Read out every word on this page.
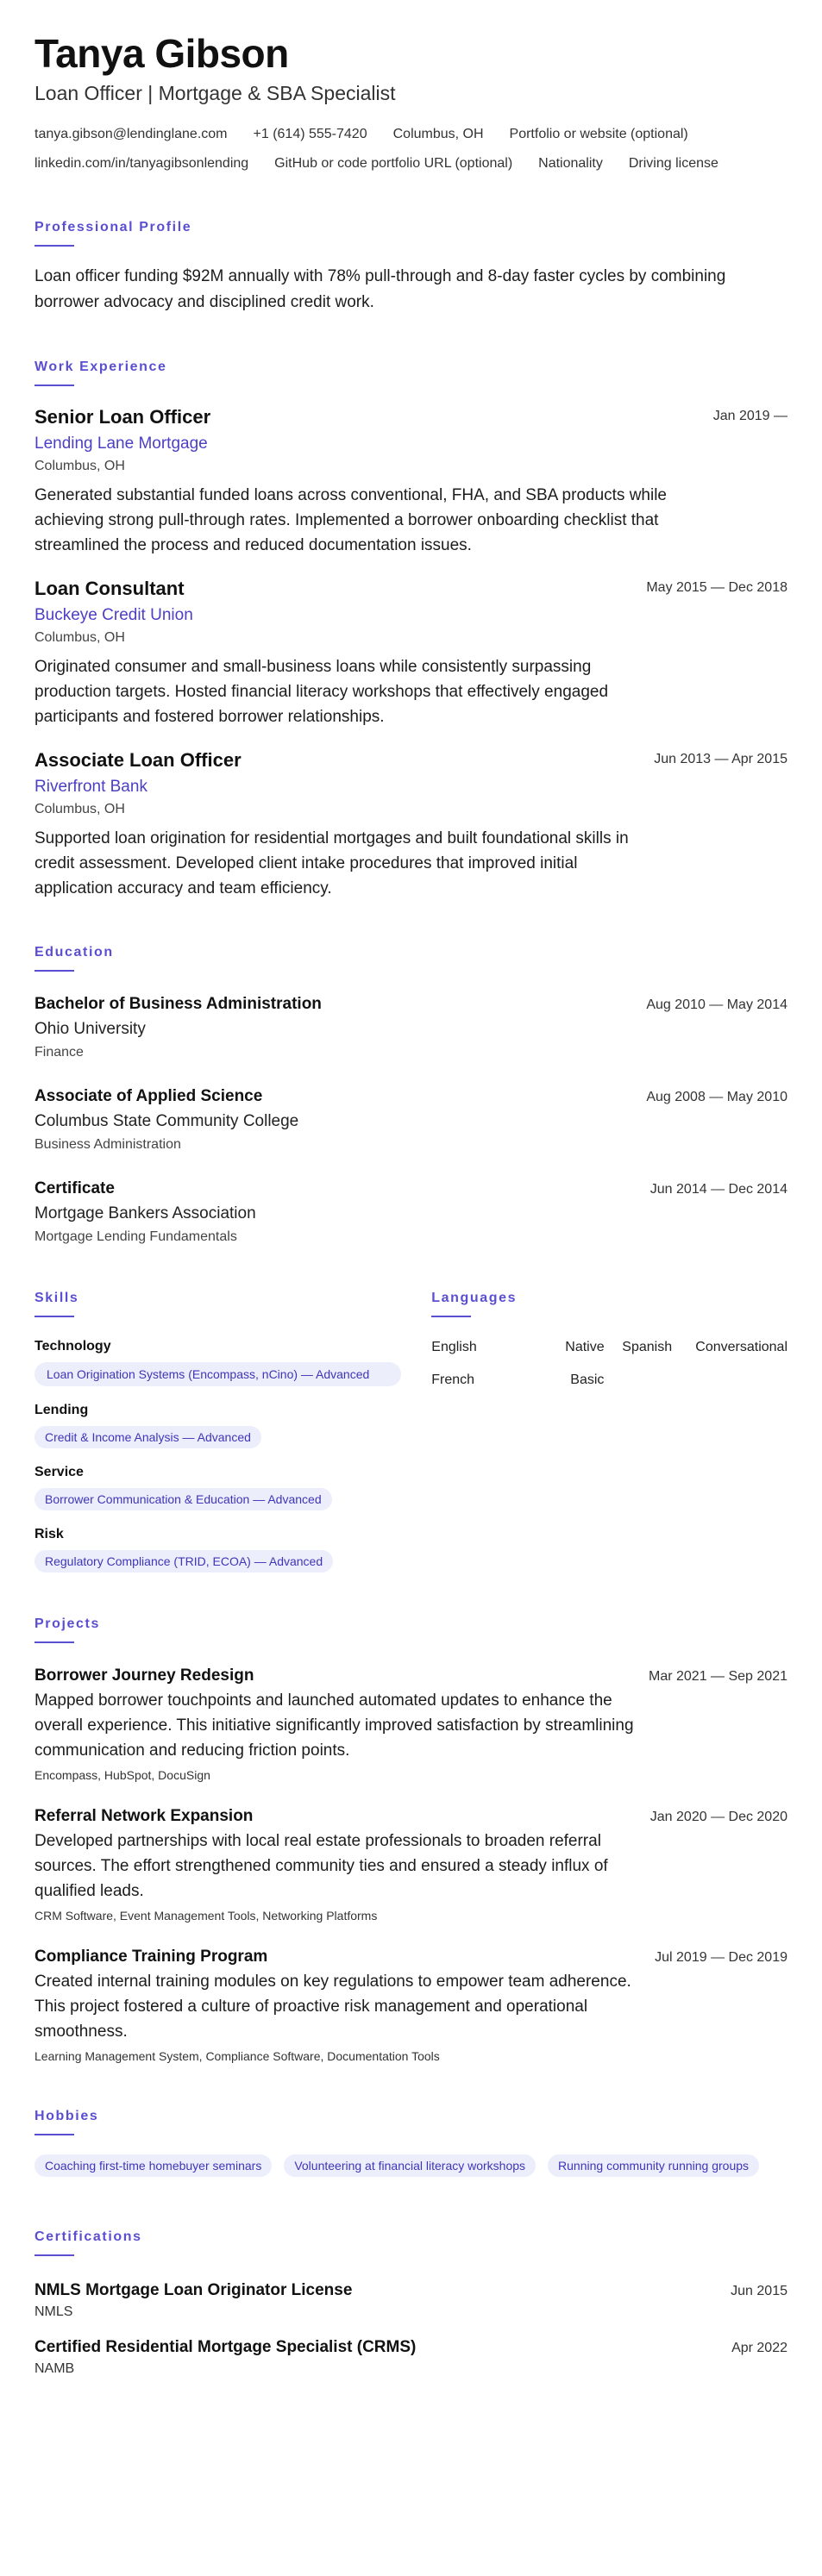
Tanya Gibson
Loan Officer | Mortgage & SBA Specialist
tanya.gibson@lendinglane.com +1 (614) 555-7420 Columbus, OH Portfolio or website (optional)
linkedin.com/in/tanyagibsonlending GitHub or code portfolio URL (optional) Nationality Driving license
Professional Profile
Loan officer funding $92M annually with 78% pull-through and 8-day faster cycles by combining borrower advocacy and disciplined credit work.
Work Experience
Senior Loan Officer
Lending Lane Mortgage
Columbus, OH
Generated substantial funded loans across conventional, FHA, and SBA products while achieving strong pull-through rates. Implemented a borrower onboarding checklist that streamlined the process and reduced documentation issues.
Jan 2019 —
Loan Consultant
Buckeye Credit Union
Columbus, OH
Originated consumer and small-business loans while consistently surpassing production targets. Hosted financial literacy workshops that effectively engaged participants and fostered borrower relationships.
May 2015 — Dec 2018
Associate Loan Officer
Riverfront Bank
Columbus, OH
Supported loan origination for residential mortgages and built foundational skills in credit assessment. Developed client intake procedures that improved initial application accuracy and team efficiency.
Jun 2013 — Apr 2015
Education
Bachelor of Business Administration
Ohio University
Finance
Aug 2010 — May 2014
Associate of Applied Science
Columbus State Community College
Business Administration
Aug 2008 — May 2010
Certificate
Mortgage Bankers Association
Mortgage Lending Fundamentals
Jun 2014 — Dec 2014
Skills
Technology
Loan Origination Systems (Encompass, nCino) — Advanced
Lending
Credit & Income Analysis — Advanced
Service
Borrower Communication & Education — Advanced
Risk
Regulatory Compliance (TRID, ECOA) — Advanced
Languages
English	Native	Spanish	Conversational
French	Basic
Projects
Borrower Journey Redesign
Mapped borrower touchpoints and launched automated updates to enhance the overall experience. This initiative significantly improved satisfaction by streamlining communication and reducing friction points.
Encompass, HubSpot, DocuSign
Mar 2021 — Sep 2021
Referral Network Expansion
Developed partnerships with local real estate professionals to broaden referral sources. The effort strengthened community ties and ensured a steady influx of qualified leads.
CRM Software, Event Management Tools, Networking Platforms
Jan 2020 — Dec 2020
Compliance Training Program
Created internal training modules on key regulations to empower team adherence. This project fostered a culture of proactive risk management and operational smoothness.
Learning Management System, Compliance Software, Documentation Tools
Jul 2019 — Dec 2019
Hobbies
Coaching first-time homebuyer seminars	Volunteering at financial literacy workshops	Running community running groups
Certifications
NMLS Mortgage Loan Originator License
NMLS
Jun 2015
Certified Residential Mortgage Specialist (CRMS)
NAMB
Apr 2022
